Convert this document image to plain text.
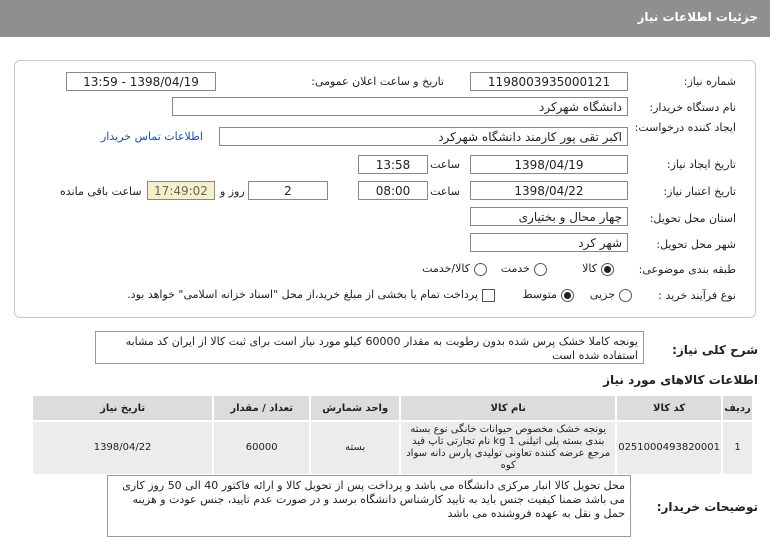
جزئیات اطلاعات نیاز
شماره نیاز:
1198003935000121
تاریخ و ساعت اعلان عمومی:
1398/04/19 - 13:59
نام دستگاه خریدار:
دانشگاه شهرکرد
ایجاد کننده درخواست:
اکبر تقی پور کارمند دانشگاه شهرکرد
اطلاعات تماس خریدار
تاریخ ایجاد نیاز:
1398/04/19
ساعت
13:58
تاریخ اعتبار نیاز:
1398/04/22
ساعت
08:00
2
روز و
17:49:02
ساعت باقی مانده
استان محل تحویل:
چهار محال و بختیاری
شهر محل تحویل:
شهر کرد
طبقه بندی موضوعی:
کالا
خدمت
کالا/خدمت
نوع فرآیند خرید :
جزیی
متوسط
پرداخت تمام یا بخشی از مبلغ خرید،از محل "اسناد خزانه اسلامی" خواهد بود.
شرح کلی نیاز:
یونجه کاملا خشک پرس شده بدون رطوبت به مقدار 60000 کیلو مورد نیاز است برای ثبت کالا از ایران کد مشابه استفاده شده است
اطلاعات کالاهای مورد نیاز
ردیف	کد کالا	نام کالا	واحد شمارش	تعداد / مقدار	تاریخ نیاز
1	0251000493820001	یونجه خشک مخصوص حیوانات خانگی نوع بسته بندی بسته پلی اتیلنی 1 kg نام تجارتی تاپ فید مرجع عرضه کننده تعاونی تولیدی پارس دانه سواد کوه	بسته	60000	1398/04/22
توضیحات خریدار:
محل تحویل کالا انبار مرکزی دانشگاه می باشد و پرداخت پس از تحویل کالا و ارائه فاکتور 40 الی 50 روز کاری می باشد ضمنا کیفیت جنس باید به تایید کارشناس دانشگاه برسد و در صورت عدم تایید، جنس عودت و هزینه حمل و نقل به عهده فروشنده می باشد
